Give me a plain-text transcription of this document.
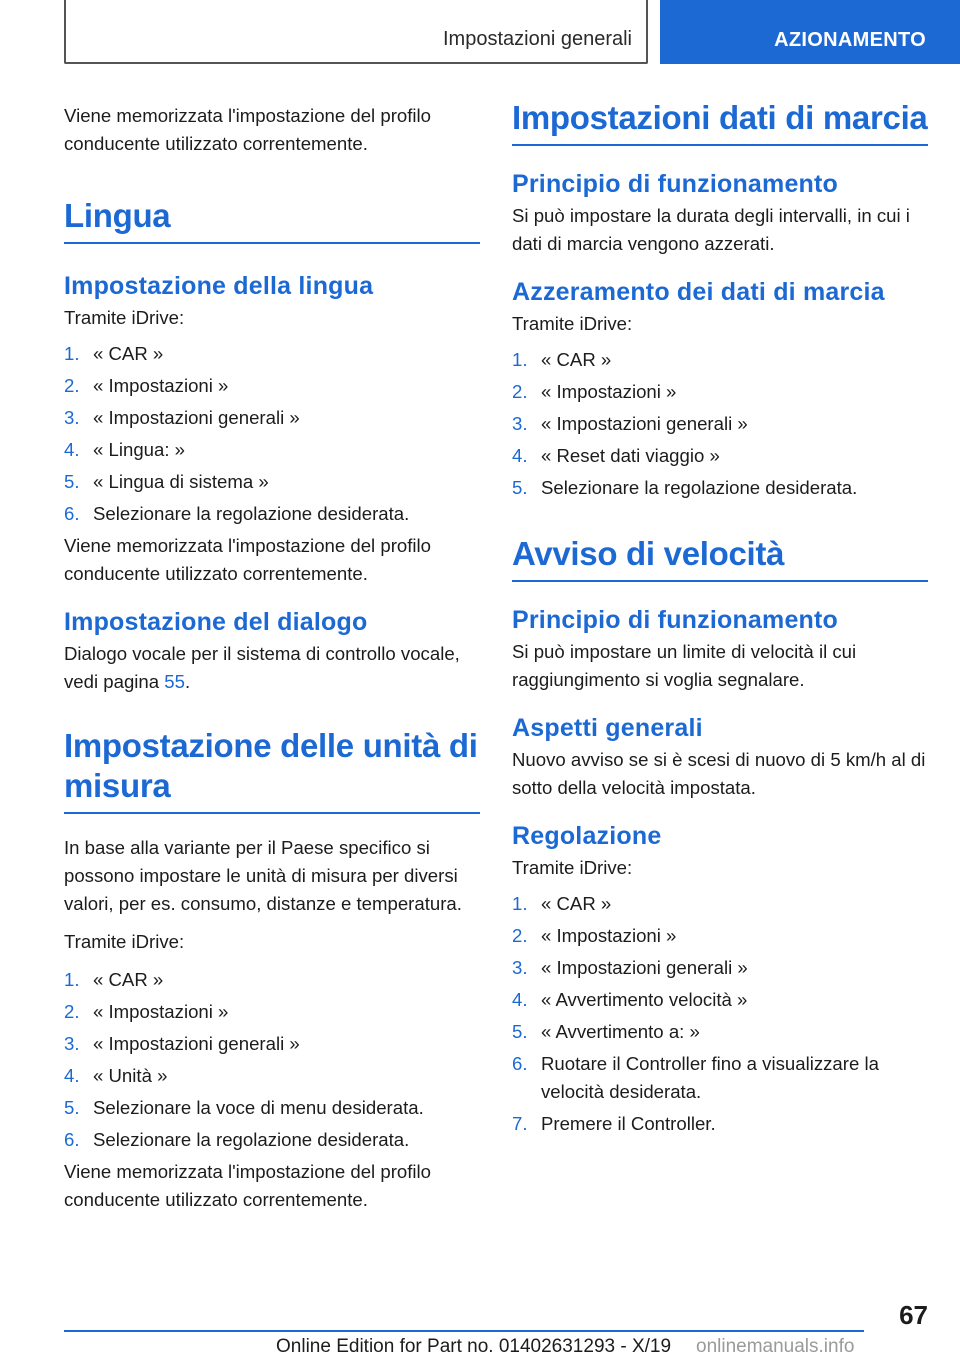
Impostazioni generali	AZIONAMENTO

Viene memorizzata l'impostazione del profilo conducente utilizzato correntemente.

Lingua
Impostazione della lingua

Tramite iDrive:

1. « CAR »
2. « Impostazioni »
3. « Impostazioni generali »
4. « Lingua: »
5. « Lingua di sistema »
6. Selezionare la regolazione desiderata.

Viene memorizzata l'impostazione del profilo conducente utilizzato correntemente.

Impostazione del dialogo

Dialogo vocale per il sistema di controllo vocale, vedi pagina 55.

Impostazione delle unità di misura

In base alla variante per il Paese specifico si possono impostare le unità di misura per diversi valori, per es. consumo, distanze e temperatura.

Tramite iDrive:

1. « CAR »
2. « Impostazioni »
3. « Impostazioni generali »
4. « Unità »
5. Selezionare la voce di menu desiderata.
6. Selezionare la regolazione desiderata.

Viene memorizzata l'impostazione del profilo conducente utilizzato correntemente.

Impostazioni dati di marcia
Principio di funzionamento

Si può impostare la durata degli intervalli, in cui i dati di marcia vengono azzerati.

Azzeramento dei dati di marcia

Tramite iDrive:

1. « CAR »
2. « Impostazioni »
3. « Impostazioni generali »
4. « Reset dati viaggio »
5. Selezionare la regolazione desiderata.
Avviso di velocità
Principio di funzionamento

Si può impostare un limite di velocità il cui raggiungimento si voglia segnalare.

Aspetti generali

Nuovo avviso se si è scesi di nuovo di 5 km/h al di sotto della velocità impostata.

Regolazione

Tramite iDrive:

1. « CAR »
2. « Impostazioni »
3. « Impostazioni generali »
4. « Avvertimento velocità »
5. « Avvertimento a: »
6. Ruotare il Controller fino a visualizzare la velocità desiderata.
7. Premere il Controller.
67
Online Edition for Part no. 01402631293 - X/19 onlinemanuals.info
